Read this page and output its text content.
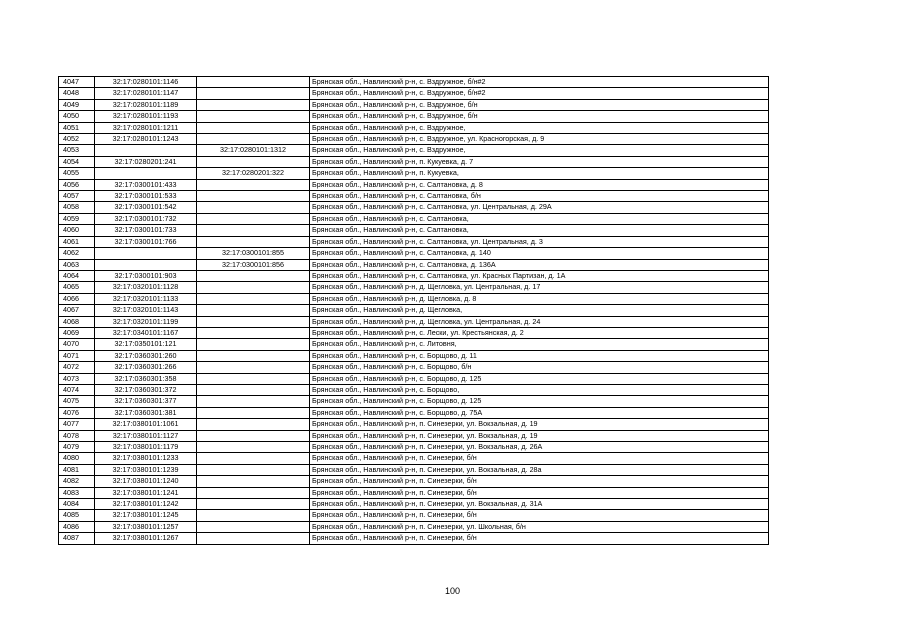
4047	32:17:0280101:1146		Брянская обл., Навлинский р-н, с. Вздружное, б/н#2
4048	32:17:0280101:1147		Брянская обл., Навлинский р-н, с. Вздружное, б/н#2
4049	32:17:0280101:1189		Брянская обл., Навлинский р-н, с. Вздружное, б/н
4050	32:17:0280101:1193		Брянская обл., Навлинский р-н, с. Вздружное, б/н
4051	32:17:0280101:1211		Брянская обл., Навлинский р-н, с. Вздружное,
4052	32:17:0280101:1243		Брянская обл., Навлинский р-н, с. Вздружное, ул. Красногорская, д. 9
4053		32:17:0280101:1312	Брянская обл., Навлинский р-н, с. Вздружное,
4054	32:17:0280201:241		Брянская обл., Навлинский р-н, п. Кукуевка, д. 7
4055		32:17:0280201:322	Брянская обл., Навлинский р-н, п. Кукуевка,
4056	32:17:0300101:433		Брянская обл., Навлинский р-н, с. Салтановка, д. 8
4057	32:17:0300101:533		Брянская обл., Навлинский р-н, с. Салтановка, б/н
4058	32:17:0300101:542		Брянская обл., Навлинский р-н, с. Салтановка, ул. Центральная, д. 29А
4059	32:17:0300101:732		Брянская обл., Навлинский р-н, с. Салтановка,
4060	32:17:0300101:733		Брянская обл., Навлинский р-н, с. Салтановка,
4061	32:17:0300101:766		Брянская обл., Навлинский р-н, с. Салтановка, ул. Центральная, д. 3
4062		32:17:0300101:855	Брянская обл., Навлинский р-н, с. Салтановка, д. 140
4063		32:17:0300101:856	Брянская обл., Навлинский р-н, с. Салтановка, д. 136А
4064	32:17:0300101:903		Брянская обл., Навлинский р-н, с. Салтановка, ул. Красных Партизан, д. 1А
4065	32:17:0320101:1128		Брянская обл., Навлинский р-н, д. Щегловка, ул. Центральная, д. 17
4066	32:17:0320101:1133		Брянская обл., Навлинский р-н, д. Щегловка, д. 8
4067	32:17:0320101:1143		Брянская обл., Навлинский р-н, д. Щегловка,
4068	32:17:0320101:1199		Брянская обл., Навлинский р-н, д. Щегловка, ул. Центральная, д. 24
4069	32:17:0340101:1167		Брянская обл., Навлинский р-н, с. Лески, ул. Крестьянская, д. 2
4070	32:17:0350101:121		Брянская обл., Навлинский р-н, с. Литовня,
4071	32:17:0360301:260		Брянская обл., Навлинский р-н, с. Борщово, д. 11
4072	32:17:0360301:266		Брянская обл., Навлинский р-н, с. Борщово, б/н
4073	32:17:0360301:358		Брянская обл., Навлинский р-н, с. Борщово, д. 125
4074	32:17:0360301:372		Брянская обл., Навлинский р-н, с. Борщово,
4075	32:17:0360301:377		Брянская обл., Навлинский р-н, с. Борщово, д. 125
4076	32:17:0360301:381		Брянская обл., Навлинский р-н, с. Борщово, д. 75А
4077	32:17:0380101:1061		Брянская обл., Навлинский р-н, п. Синезерки, ул. Вокзальная, д. 19
4078	32:17:0380101:1127		Брянская обл., Навлинский р-н, п. Синезерки, ул. Вокзальная, д. 19
4079	32:17:0380101:1179		Брянская обл., Навлинский р-н, п. Синезерки, ул. Вокзальная, д. 26А
4080	32:17:0380101:1233		Брянская обл., Навлинский р-н, п. Синезерки, б/н
4081	32:17:0380101:1239		Брянская обл., Навлинский р-н, п. Синезерки, ул. Вокзальная, д. 28а
4082	32:17:0380101:1240		Брянская обл., Навлинский р-н, п. Синезерки, б/н
4083	32:17:0380101:1241		Брянская обл., Навлинский р-н, п. Синезерки, б/н
4084	32:17:0380101:1242		Брянская обл., Навлинский р-н, п. Синезерки, ул. Вокзальная, д. 31А
4085	32:17:0380101:1245		Брянская обл., Навлинский р-н, п. Синезерки, б/н
4086	32:17:0380101:1257		Брянская обл., Навлинский р-н, п. Синезерки, ул. Школьная, б/н
4087	32:17:0380101:1267		Брянская обл., Навлинский р-н, п. Синезерки, б/н
100
